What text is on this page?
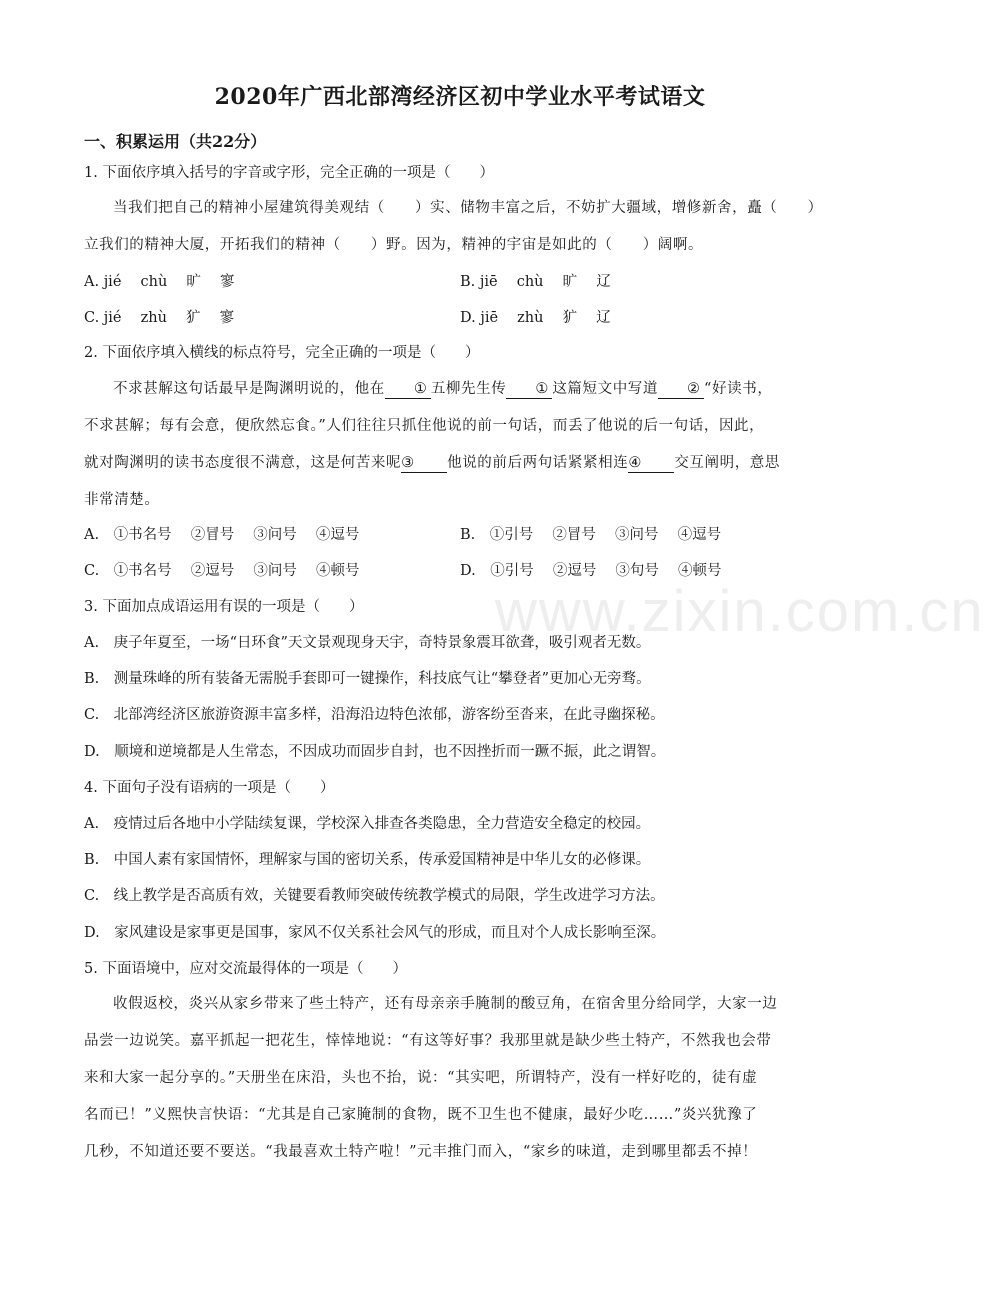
www.zixin.com.cn
2020年广西北部湾经济区初中学业水平考试语文
一、积累运用（共22分）
1. 下面依序填入括号的字音或字形，完全正确的一项是（　　）

当我们把自己的精神小屋建筑得美观结（　　）实、储物丰富之后，不妨扩大疆域，增修新舍，矗（　　）

立我们的精神大厦，开拓我们的精神（　　）野。因为，精神的宇宙是如此的（　　）阔啊。

A. jié　 chù　 旷　 寥	B. jiē　 chù　 旷　 辽
C. jié　 zhù　 犷　 寥	D. jiē　 zhù　 犷　 辽
2. 下面依序填入横线的标点符号，完全正确的一项是（　　）

不求甚解这句话最早是陶渊明说的，他在 ① 五柳先生传 ① 这篇短文中写道 ② “好读书，

不求甚解；每有会意，便欣然忘食。”人们往往只抓住他说的前一句话，而丢了他说的后一句话，因此，

就对陶渊明的读书态度很不满意，这是何苦来呢③ 他说的前后两句话紧紧相连④ 交互阐明，意思

非常清楚。

A.　①书名号　 ②冒号　 ③问号　 ④逗号	B.　①引号　 ②冒号　 ③问号　 ④逗号
C.　①书名号　 ②逗号　 ③问号　 ④顿号	D.　①引号　 ②逗号　 ③句号　 ④顿号
3. 下面加点成语运用有误的一项是（　　）
A.　庚子年夏至，一场“日环食”天文景观现身天宇，奇特景象震耳欲聋，吸引观者无数。
B.　测量珠峰的所有装备无需脱手套即可一键操作，科技底气让“攀登者”更加心无旁骛。
C.　北部湾经济区旅游资源丰富多样，沿海沿边特色浓郁，游客纷至沓来，在此寻幽探秘。
D.　顺境和逆境都是人生常态，不因成功而固步自封，也不因挫折而一蹶不振，此之谓智。
4. 下面句子没有语病的一项是（　　）
A.　疫情过后各地中小学陆续复课，学校深入排查各类隐患，全力营造安全稳定的校园。
B.　中国人素有家国情怀，理解家与国的密切关系，传承爱国精神是中华儿女的必修课。
C.　线上教学是否高质有效，关键要看教师突破传统教学模式的局限，学生改进学习方法。
D.　家风建设是家事更是国事，家风不仅关系社会风气的形成，而且对个人成长影响至深。
5. 下面语境中，应对交流最得体的一项是（　　）

收假返校，炎兴从家乡带来了些土特产，还有母亲亲手腌制的酸豆角，在宿舍里分给同学，大家一边

品尝一边说笑。嘉平抓起一把花生，悻悻地说：“有这等好事？我那里就是缺少些土特产，不然我也会带

来和大家一起分享的。”天册坐在床沿，头也不抬，说：“其实吧，所谓特产，没有一样好吃的，徒有虚

名而已！”义熙快言快语：“尤其是自己家腌制的食物，既不卫生也不健康，最好少吃……”炎兴犹豫了

几秒，不知道还要不要送。“我最喜欢土特产啦！”元丰推门而入，“家乡的味道，走到哪里都丢不掉！
